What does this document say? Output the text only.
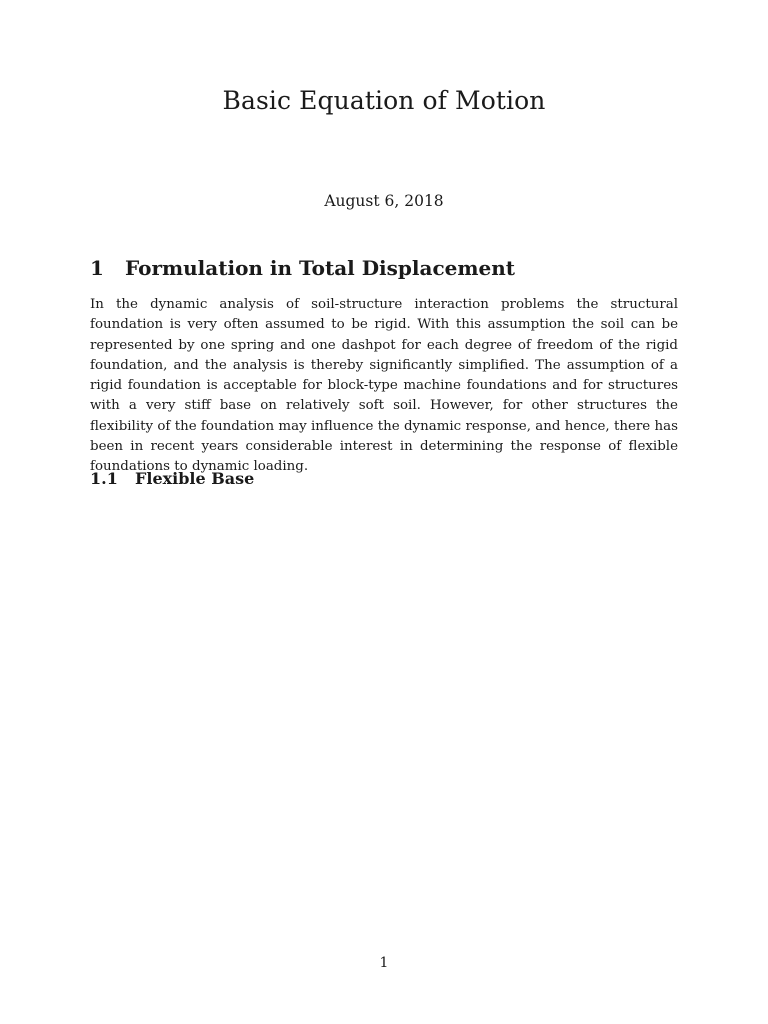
Basic Equation of Motion
August 6, 2018
1 Formulation in Total Displacement

In the dynamic analysis of soil-structure interaction problems the structural foundation is very often assumed to be rigid. With this assumption the soil can be represented by one spring and one dashpot for each degree of freedom of the rigid foundation, and the analysis is thereby significantly simplified. The assumption of a rigid foundation is acceptable for block-type machine foundations and for structures with a very stiff base on relatively soft soil. However, for other structures the flexibility of the foundation may influence the dynamic response, and hence, there has been in recent years considerable interest in determining the response of flexible foundations to dynamic loading.

1.1 Flexible Base
1
